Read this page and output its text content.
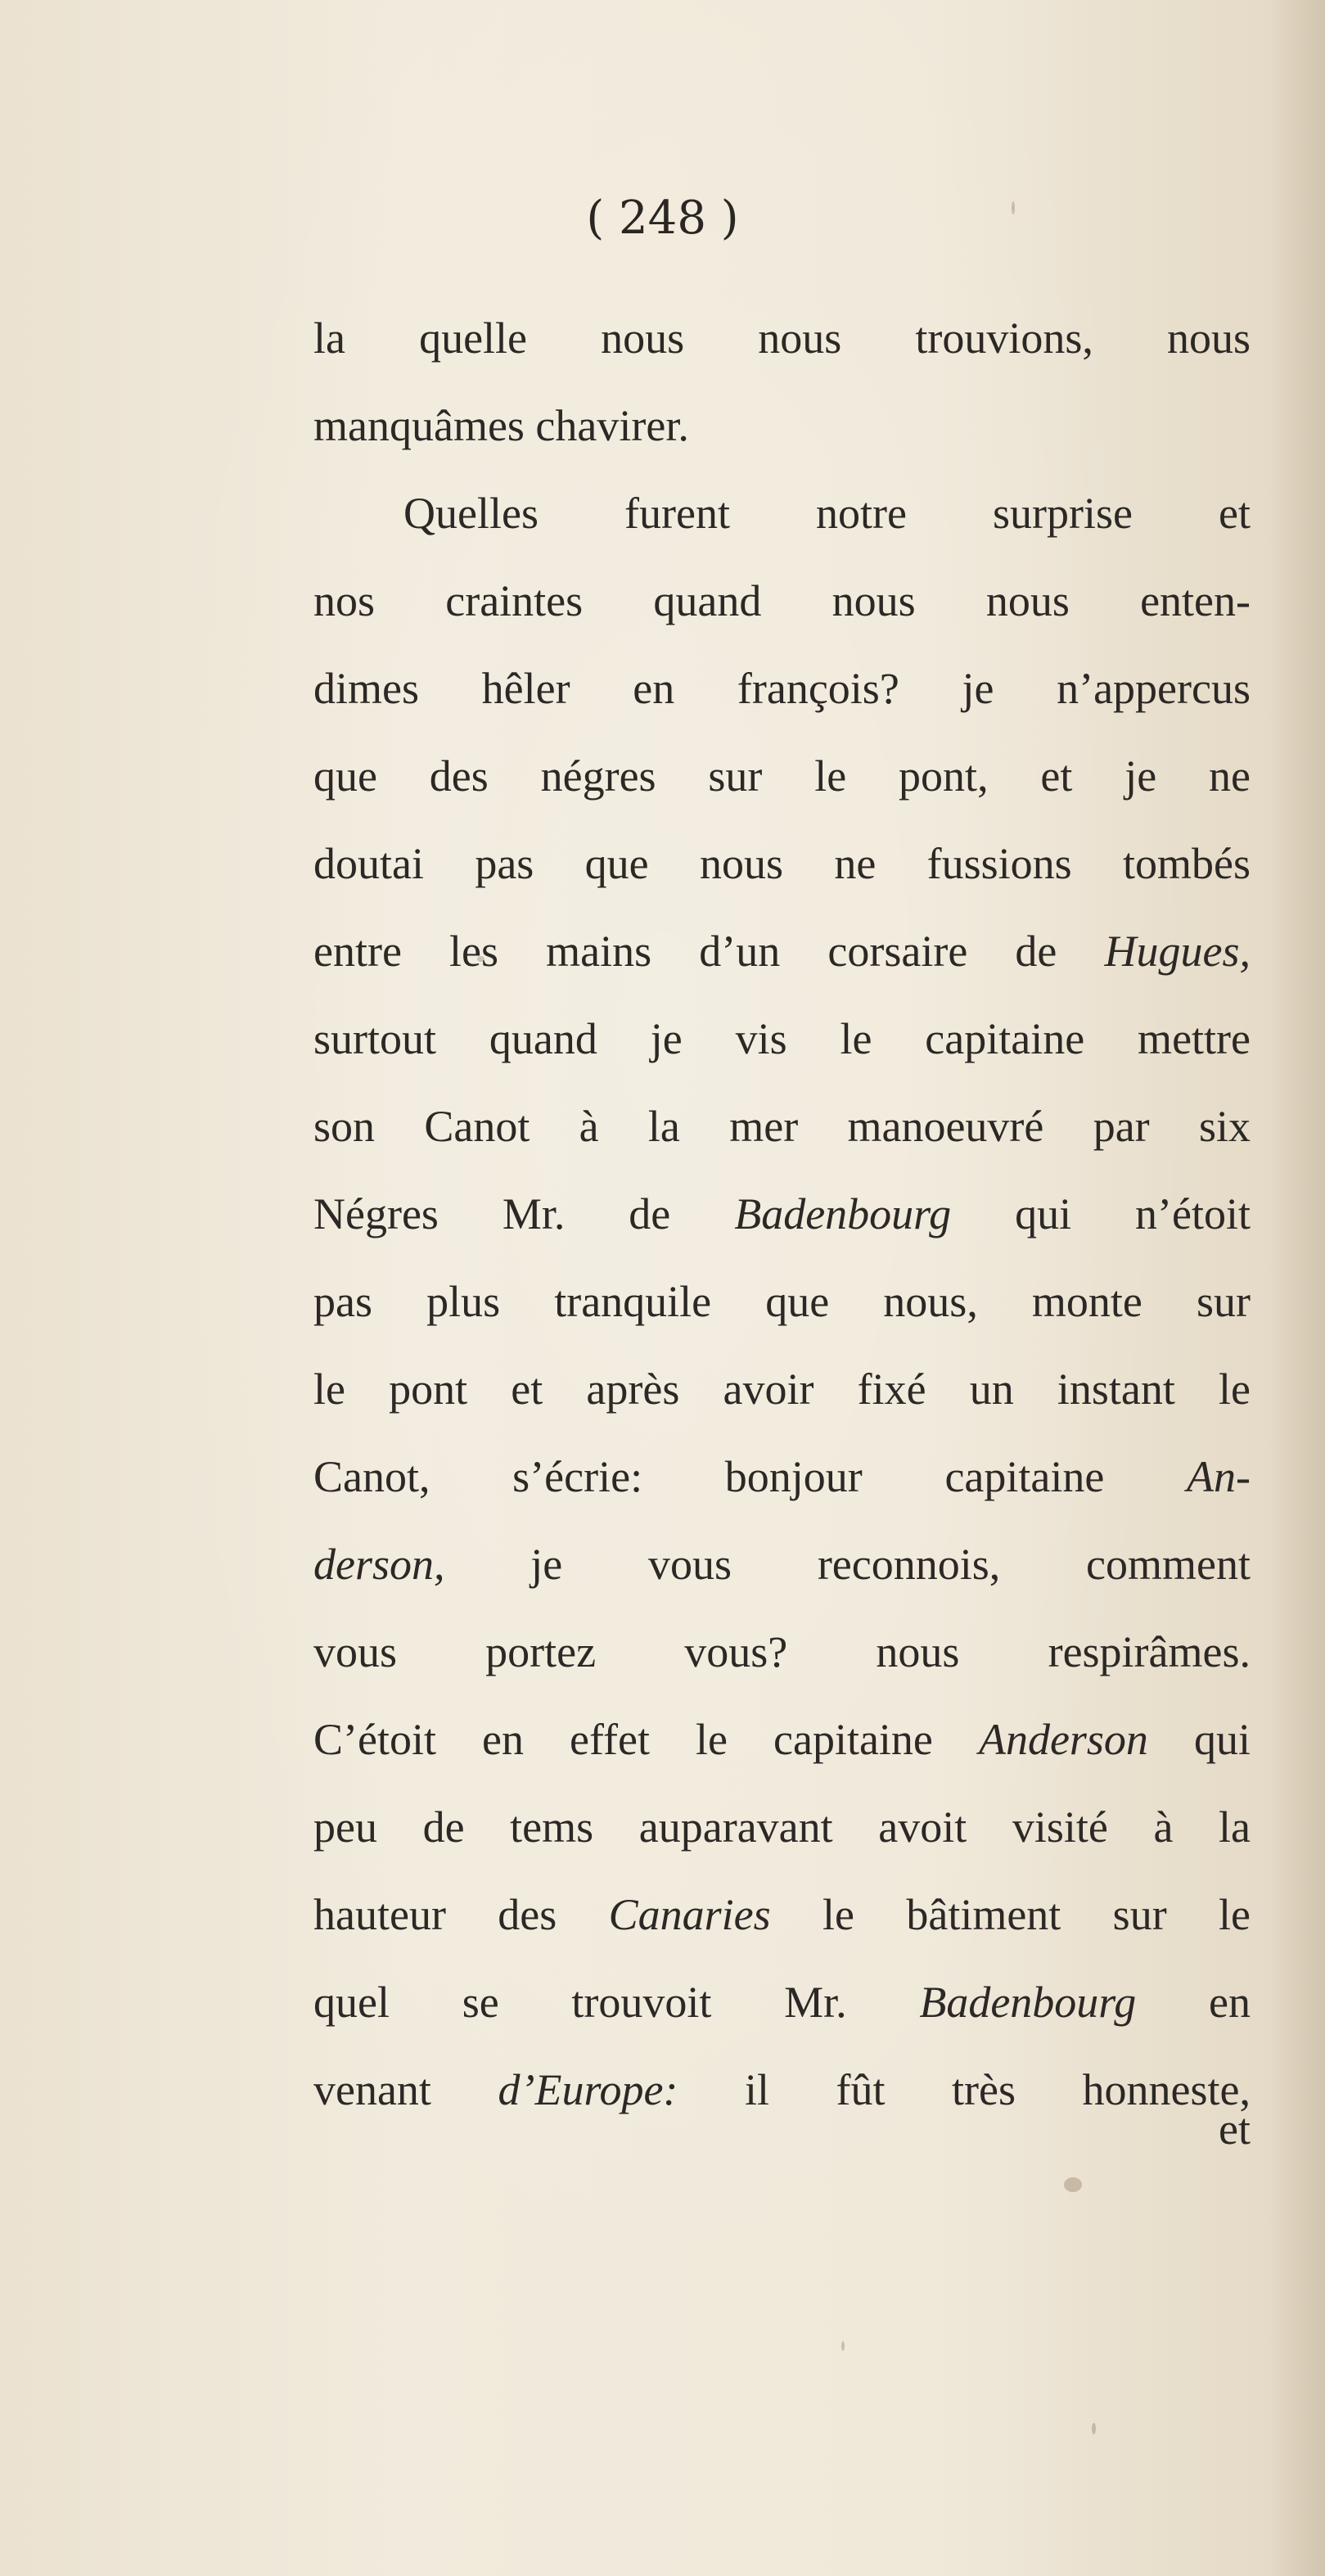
( 248 )
la quelle nous nous trouvions, nous
manquâmes chavirer.
Quelles furent notre surprise et
nos craintes quand nous nous enten-
dimes hêler en françois? je n’appercus
que des négres sur le pont, et je ne
doutai pas que nous ne fussions tombés
entre les mains d’un corsaire de Hugues,
surtout quand je vis le capitaine mettre
son Canot à la mer manoeuvré par six
Négres Mr. de Badenbourg qui n’étoit
pas plus tranquile que nous, monte sur
le pont et après avoir fixé un instant le
Canot, s’écrie: bonjour capitaine An-
derson, je vous reconnois, comment
vous portez vous? nous respirâmes.
C’étoit en effet le capitaine Anderson qui
peu de tems auparavant avoit visité à la
hauteur des Canaries le bâtiment sur le
quel se trouvoit Mr. Badenbourg en
venant d’Europe: il fût très honneste,
et
